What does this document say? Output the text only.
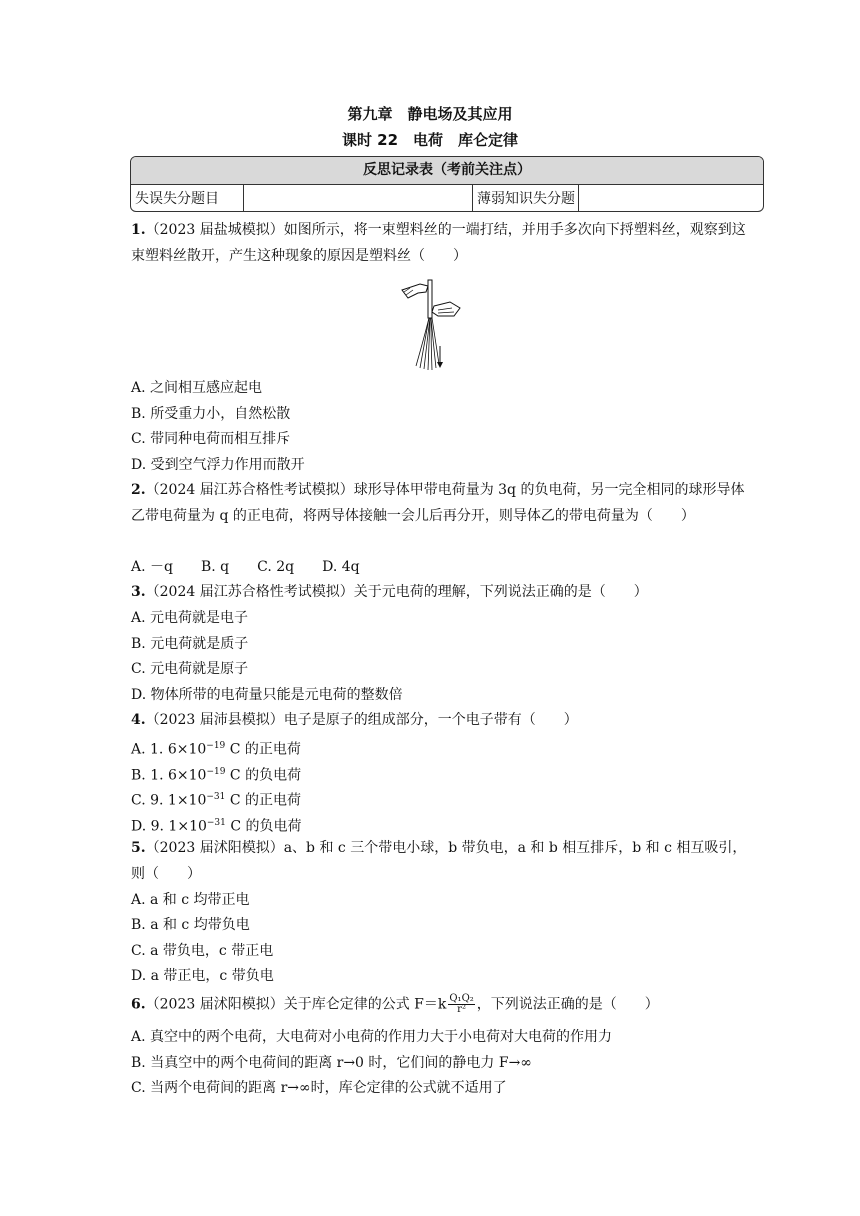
第九章　静电场及其应用
课时 22　电荷　库仑定律
反思记录表（考前关注点）
失误失分题目	薄弱知识失分题
1.（2023 届盐城模拟）如图所示，将一束塑料丝的一端打结，并用手多次向下捋塑料丝，观察到这束塑料丝散开，产生这种现象的原因是塑料丝（　　）
A. 之间相互感应起电
B. 所受重力小，自然松散
C. 带同种电荷而相互排斥
D. 受到空气浮力作用而散开
2.（2024 届江苏合格性考试模拟）球形导体甲带电荷量为 3q 的负电荷，另一完全相同的球形导体乙带电荷量为 q 的正电荷，将两导体接触一会儿后再分开，则导体乙的带电荷量为（　　）
A. －q　　B. q　　C. 2q　　D. 4q
3.（2024 届江苏合格性考试模拟）关于元电荷的理解，下列说法正确的是（　　）
A. 元电荷就是电子
B. 元电荷就是质子
C. 元电荷就是原子
D. 物体所带的电荷量只能是元电荷的整数倍
4.（2023 届沛县模拟）电子是原子的组成部分，一个电子带有（　　）
A. 1. $6\times 10^{-19}$ C 的正电荷
B. 1. $6\times 10^{-19}$ C 的负电荷
C. 9. $1\times 10^{-31}$ C 的正电荷
D. 9. $1\times 10^{-31}$ C 的负电荷
5.（2023 届沭阳模拟）a、b 和 c 三个带电小球，b 带负电，a 和 b 相互排斥，b 和 c 相互吸引，则（　　）
A. a 和 c 均带正电
B. a 和 c 均带负电
C. a 带负电，c 带正电
D. a 带正电，c 带负电
6.（2023 届沭阳模拟）关于库仑定律的公式 $F=k \frac{\text{Q₁Q₂}}{\text{r²}}$ ，下列说法正确的是（　　）
A. 真空中的两个电荷，大电荷对小电荷的作用力大于小电荷对大电荷的作用力
B. 当真空中的两个电荷间的距离 r→0 时，它们间的静电力 F→∞
C. 当两个电荷间的距离 r→∞时，库仑定律的公式就不适用了
